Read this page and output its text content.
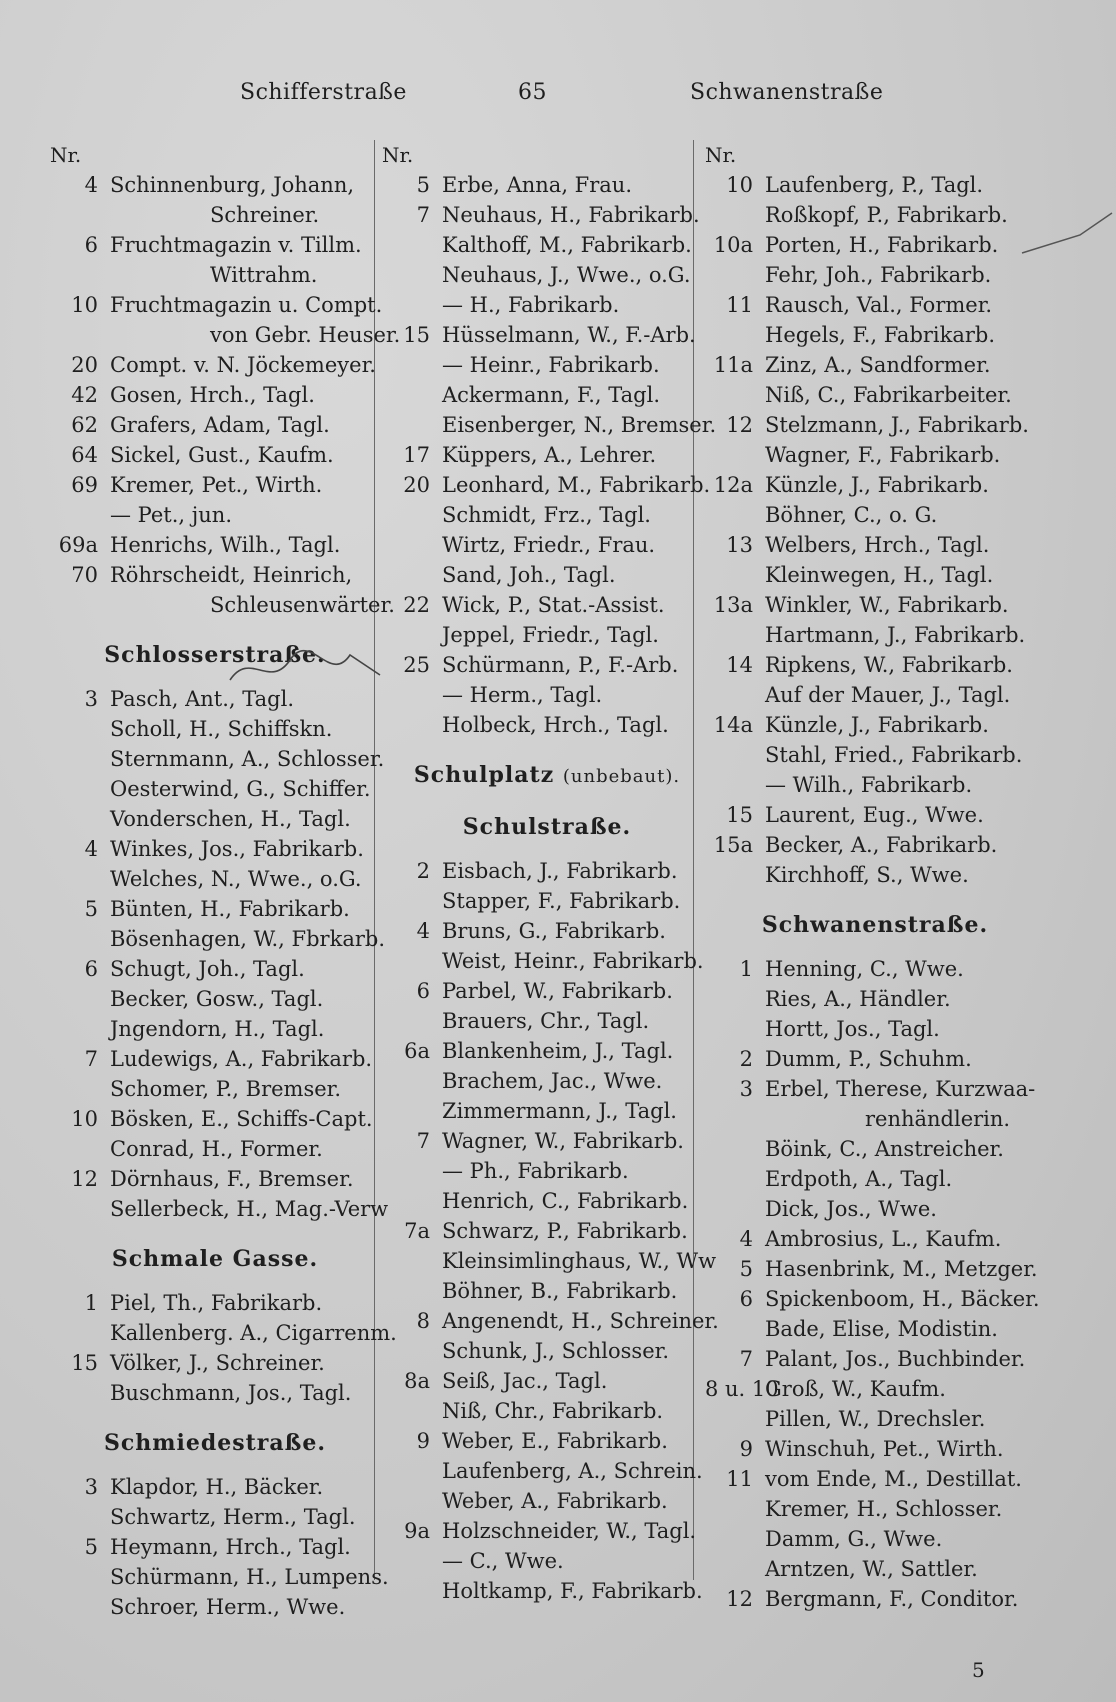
Schifferstraße	65	Schwanenstraße
Nr.
4 Schinnenburg, Johann,
Schreiner.
6 Fruchtmagazin v. Tillm.
Wittrahm.
10 Fruchtmagazin u. Compt.
von Gebr. Heuser.
20 Compt. v. N. Jöckemeyer.
42 Gosen, Hrch., Tagl.
62 Grafers, Adam, Tagl.
64 Sickel, Gust., Kaufm.
69 Kremer, Pet., Wirth.
— Pet., jun.
69a Henrichs, Wilh., Tagl.
70 Röhrscheidt, Heinrich,
Schleusenwärter.
Schlosserstraße.
3 Pasch, Ant., Tagl.
Scholl, H., Schiffskn.
Sternmann, A., Schlosser.
Oesterwind, G., Schiffer.
Vonderschen, H., Tagl.
4 Winkes, Jos., Fabrikarb.
Welches, N., Wwe., o.G.
5 Bünten, H., Fabrikarb.
Bösenhagen, W., Fbrkarb.
6 Schugt, Joh., Tagl.
Becker, Gosw., Tagl.
Jngendorn, H., Tagl.
7 Ludewigs, A., Fabrikarb.
Schomer, P., Bremser.
10 Bösken, E., Schiffs-Capt.
Conrad, H., Former.
12 Dörnhaus, F., Bremser.
Sellerbeck, H., Mag.-Verw
Schmale Gasse.
1 Piel, Th., Fabrikarb.
Kallenberg. A., Cigarrenm.
15 Völker, J., Schreiner.
Buschmann, Jos., Tagl.
Schmiedestraße.
3 Klapdor, H., Bäcker.
Schwartz, Herm., Tagl.
5 Heymann, Hrch., Tagl.
Schürmann, H., Lumpens.
Schroer, Herm., Wwe.
Nr.
5 Erbe, Anna, Frau.
7 Neuhaus, H., Fabrikarb.
Kalthoff, M., Fabrikarb.
Neuhaus, J., Wwe., o.G.
— H., Fabrikarb.
15 Hüsselmann, W., F.-Arb.
— Heinr., Fabrikarb.
Ackermann, F., Tagl.
Eisenberger, N., Bremser.
17 Küppers, A., Lehrer.
20 Leonhard, M., Fabrikarb.
Schmidt, Frz., Tagl.
Wirtz, Friedr., Frau.
Sand, Joh., Tagl.
22 Wick, P., Stat.-Assist.
Jeppel, Friedr., Tagl.
25 Schürmann, P., F.-Arb.
— Herm., Tagl.
Holbeck, Hrch., Tagl.
Schulplatz (unbebaut).
Schulstraße.
2 Eisbach, J., Fabrikarb.
Stapper, F., Fabrikarb.
4 Bruns, G., Fabrikarb.
Weist, Heinr., Fabrikarb.
6 Parbel, W., Fabrikarb.
Brauers, Chr., Tagl.
6a Blankenheim, J., Tagl.
Brachem, Jac., Wwe.
Zimmermann, J., Tagl.
7 Wagner, W., Fabrikarb.
— Ph., Fabrikarb.
Henrich, C., Fabrikarb.
7a Schwarz, P., Fabrikarb.
Kleinsimlinghaus, W., Ww
Böhner, B., Fabrikarb.
8 Angenendt, H., Schreiner.
Schunk, J., Schlosser.
8a Seiß, Jac., Tagl.
Niß, Chr., Fabrikarb.
9 Weber, E., Fabrikarb.
Laufenberg, A., Schrein.
Weber, A., Fabrikarb.
9a Holzschneider, W., Tagl.
— C., Wwe.
Holtkamp, F., Fabrikarb.
Nr.
10 Laufenberg, P., Tagl.
Roßkopf, P., Fabrikarb.
10a Porten, H., Fabrikarb.
Fehr, Joh., Fabrikarb.
11 Rausch, Val., Former.
Hegels, F., Fabrikarb.
11a Zinz, A., Sandformer.
Niß, C., Fabrikarbeiter.
12 Stelzmann, J., Fabrikarb.
Wagner, F., Fabrikarb.
12a Künzle, J., Fabrikarb.
Böhner, C., o. G.
13 Welbers, Hrch., Tagl.
Kleinwegen, H., Tagl.
13a Winkler, W., Fabrikarb.
Hartmann, J., Fabrikarb.
14 Ripkens, W., Fabrikarb.
Auf der Mauer, J., Tagl.
14a Künzle, J., Fabrikarb.
Stahl, Fried., Fabrikarb.
— Wilh., Fabrikarb.
15 Laurent, Eug., Wwe.
15a Becker, A., Fabrikarb.
Kirchhoff, S., Wwe.
Schwanenstraße.
1 Henning, C., Wwe.
Ries, A., Händler.
Hortt, Jos., Tagl.
2 Dumm, P., Schuhm.
3 Erbel, Therese, Kurzwaa-
renhändlerin.
Böink, C., Anstreicher.
Erdpoth, A., Tagl.
Dick, Jos., Wwe.
4 Ambrosius, L., Kaufm.
5 Hasenbrink, M., Metzger.
6 Spickenboom, H., Bäcker.
Bade, Elise, Modistin.
7 Palant, Jos., Buchbinder.
8 u. 10
Groß, W., Kaufm.
Pillen, W., Drechsler.
9 Winschuh, Pet., Wirth.
11 vom Ende, M., Destillat.
Kremer, H., Schlosser.
Damm, G., Wwe.
Arntzen, W., Sattler.
12 Bergmann, F., Conditor.
5
